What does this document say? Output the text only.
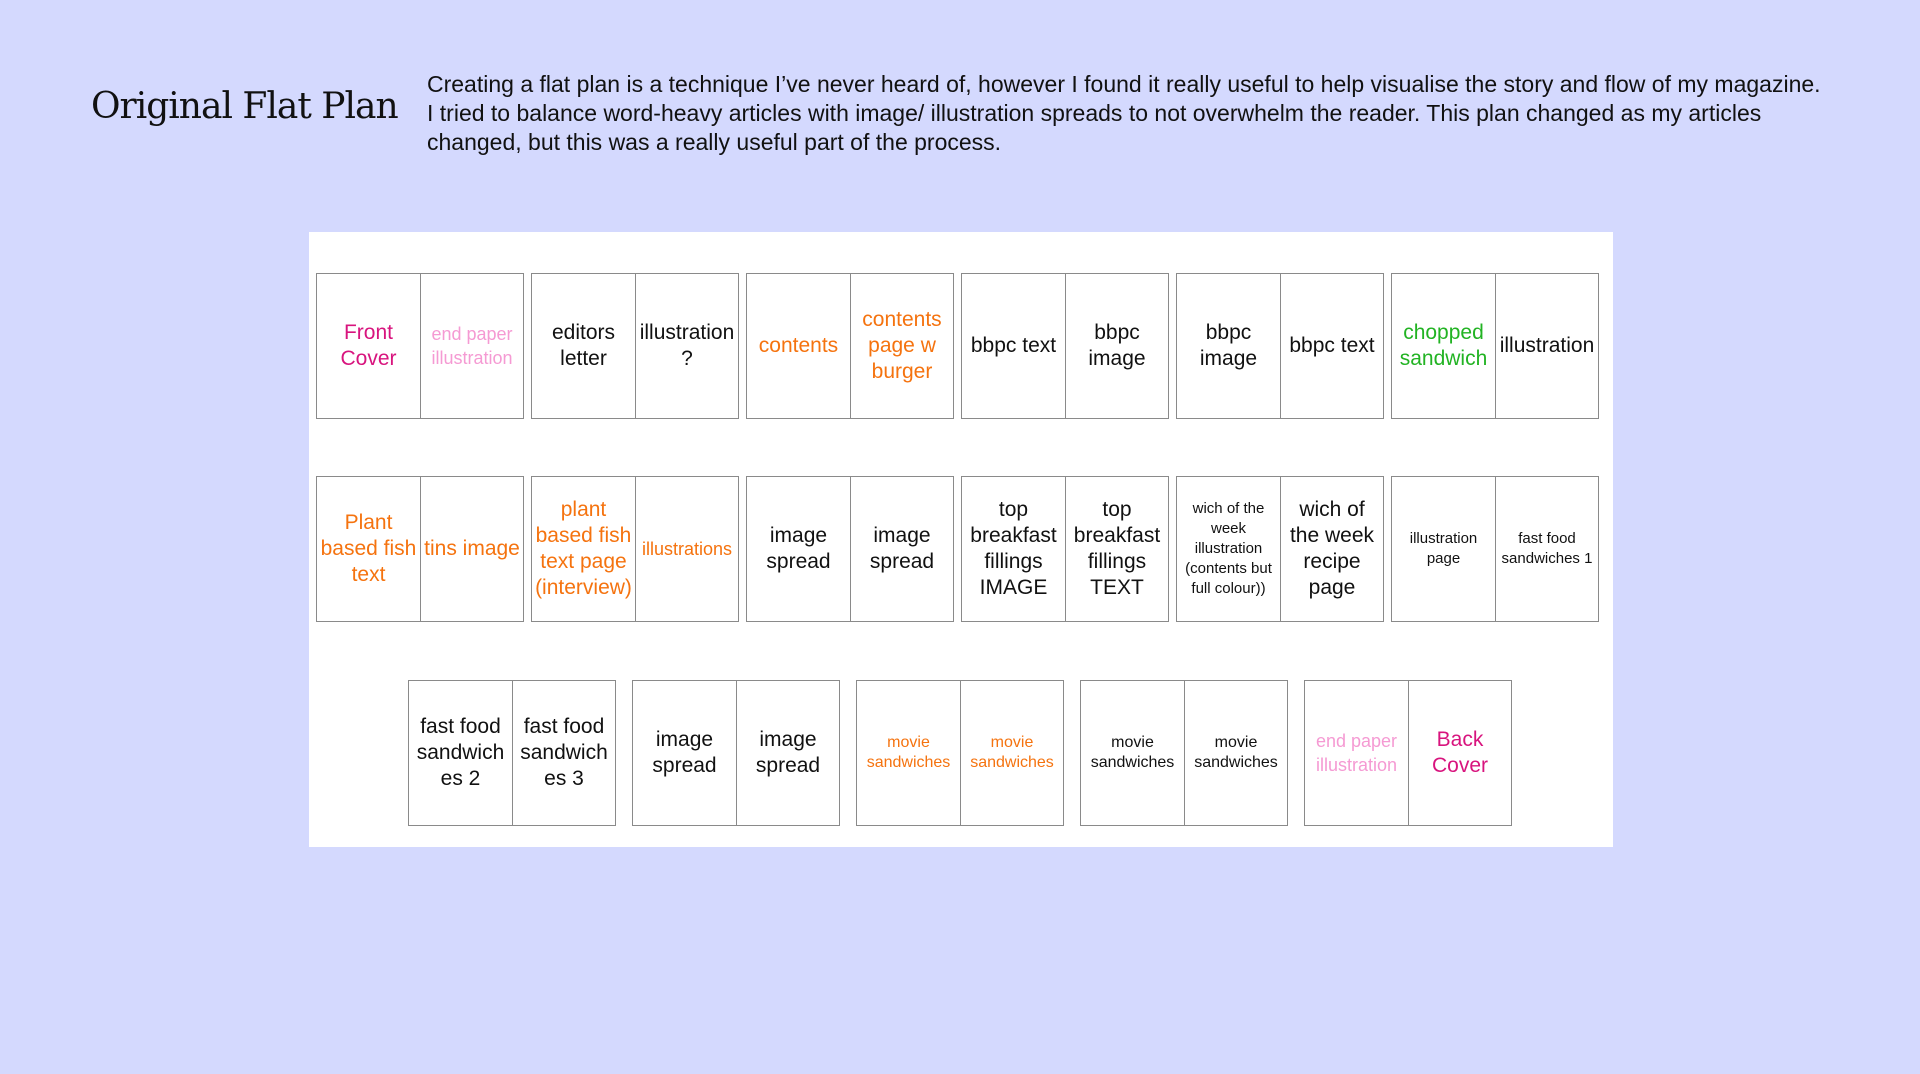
Original Flat Plan
Creating a flat plan is a technique I’ve never heard of, however I found it really useful to help visualise the story and flow of my magazine. I tried to balance word-heavy articles with image/ illustration spreads to not overwhelm the reader. This plan changed as my articles changed, but this was a really useful part of the process.
Front Cover
end paper illustration
editors letter
illustration ?
contents
contents page w burger
bbpc text
bbpc image
bbpc image
bbpc text
chopped sandwich
illustration
Plant based fish text
tins image
plant based fish text page (interview)
illustrations
image spread
image spread
top breakfast fillings IMAGE
top breakfast fillings TEXT
wich of the week illustration (contents but full colour))
wich of the week recipe page
illustration page
fast food sandwiches 1
fast food sandwiches 2
fast food sandwiches 3
image spread
image spread
movie sandwiches
movie sandwiches
movie sandwiches
movie sandwiches
end paper illustration
Back Cover
